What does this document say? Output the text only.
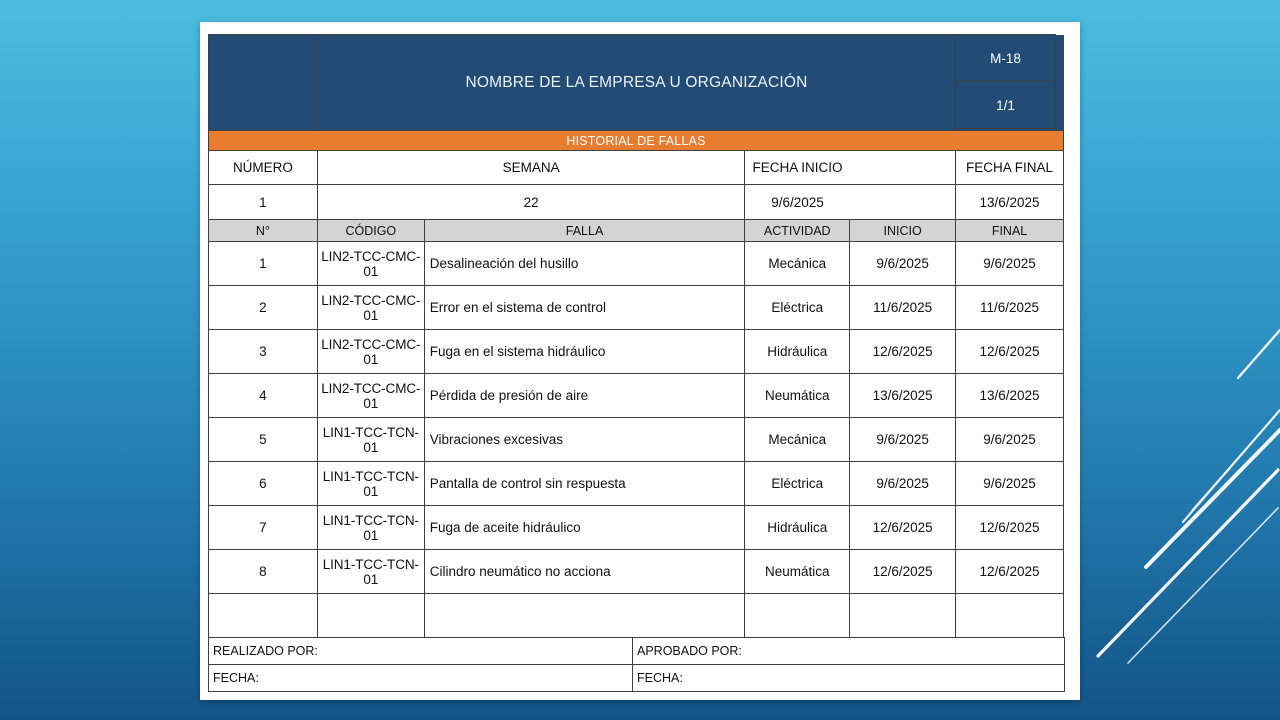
	NOMBRE DE LA EMPRESA U ORGANIZACIÓN				
HISTORIAL DE FALLAS					
NÚMERO	SEMANA		FECHA INICIO		FECHA FINAL
1	22		9/6/2025		13/6/2025
N°	CÓDIGO	FALLA	ACTIVIDAD	INICIO	FINAL
1	LIN2-TCC-CMC-01	Desalineación del husillo	Mecánica	9/6/2025	9/6/2025
2	LIN2-TCC-CMC-01	Error en el sistema de control	Eléctrica	11/6/2025	11/6/2025
3	LIN2-TCC-CMC-01	Fuga en el sistema hidráulico	Hidráulica	12/6/2025	12/6/2025
4	LIN2-TCC-CMC-01	Pérdida de presión de aire	Neumática	13/6/2025	13/6/2025
5	LIN1-TCC-TCN-01	Vibraciones excesivas	Mecánica	9/6/2025	9/6/2025
6	LIN1-TCC-TCN-01	Pantalla de control sin respuesta	Eléctrica	9/6/2025	9/6/2025
7	LIN1-TCC-TCN-01	Fuga de aceite hidráulico	Hidráulica	12/6/2025	12/6/2025
8	LIN1-TCC-TCN-01	Cilindro neumático no acciona	Neumática	12/6/2025	12/6/2025

REALIZADO POR:	APROBADO POR:
FECHA:	FECHA:
M-18
1/1
